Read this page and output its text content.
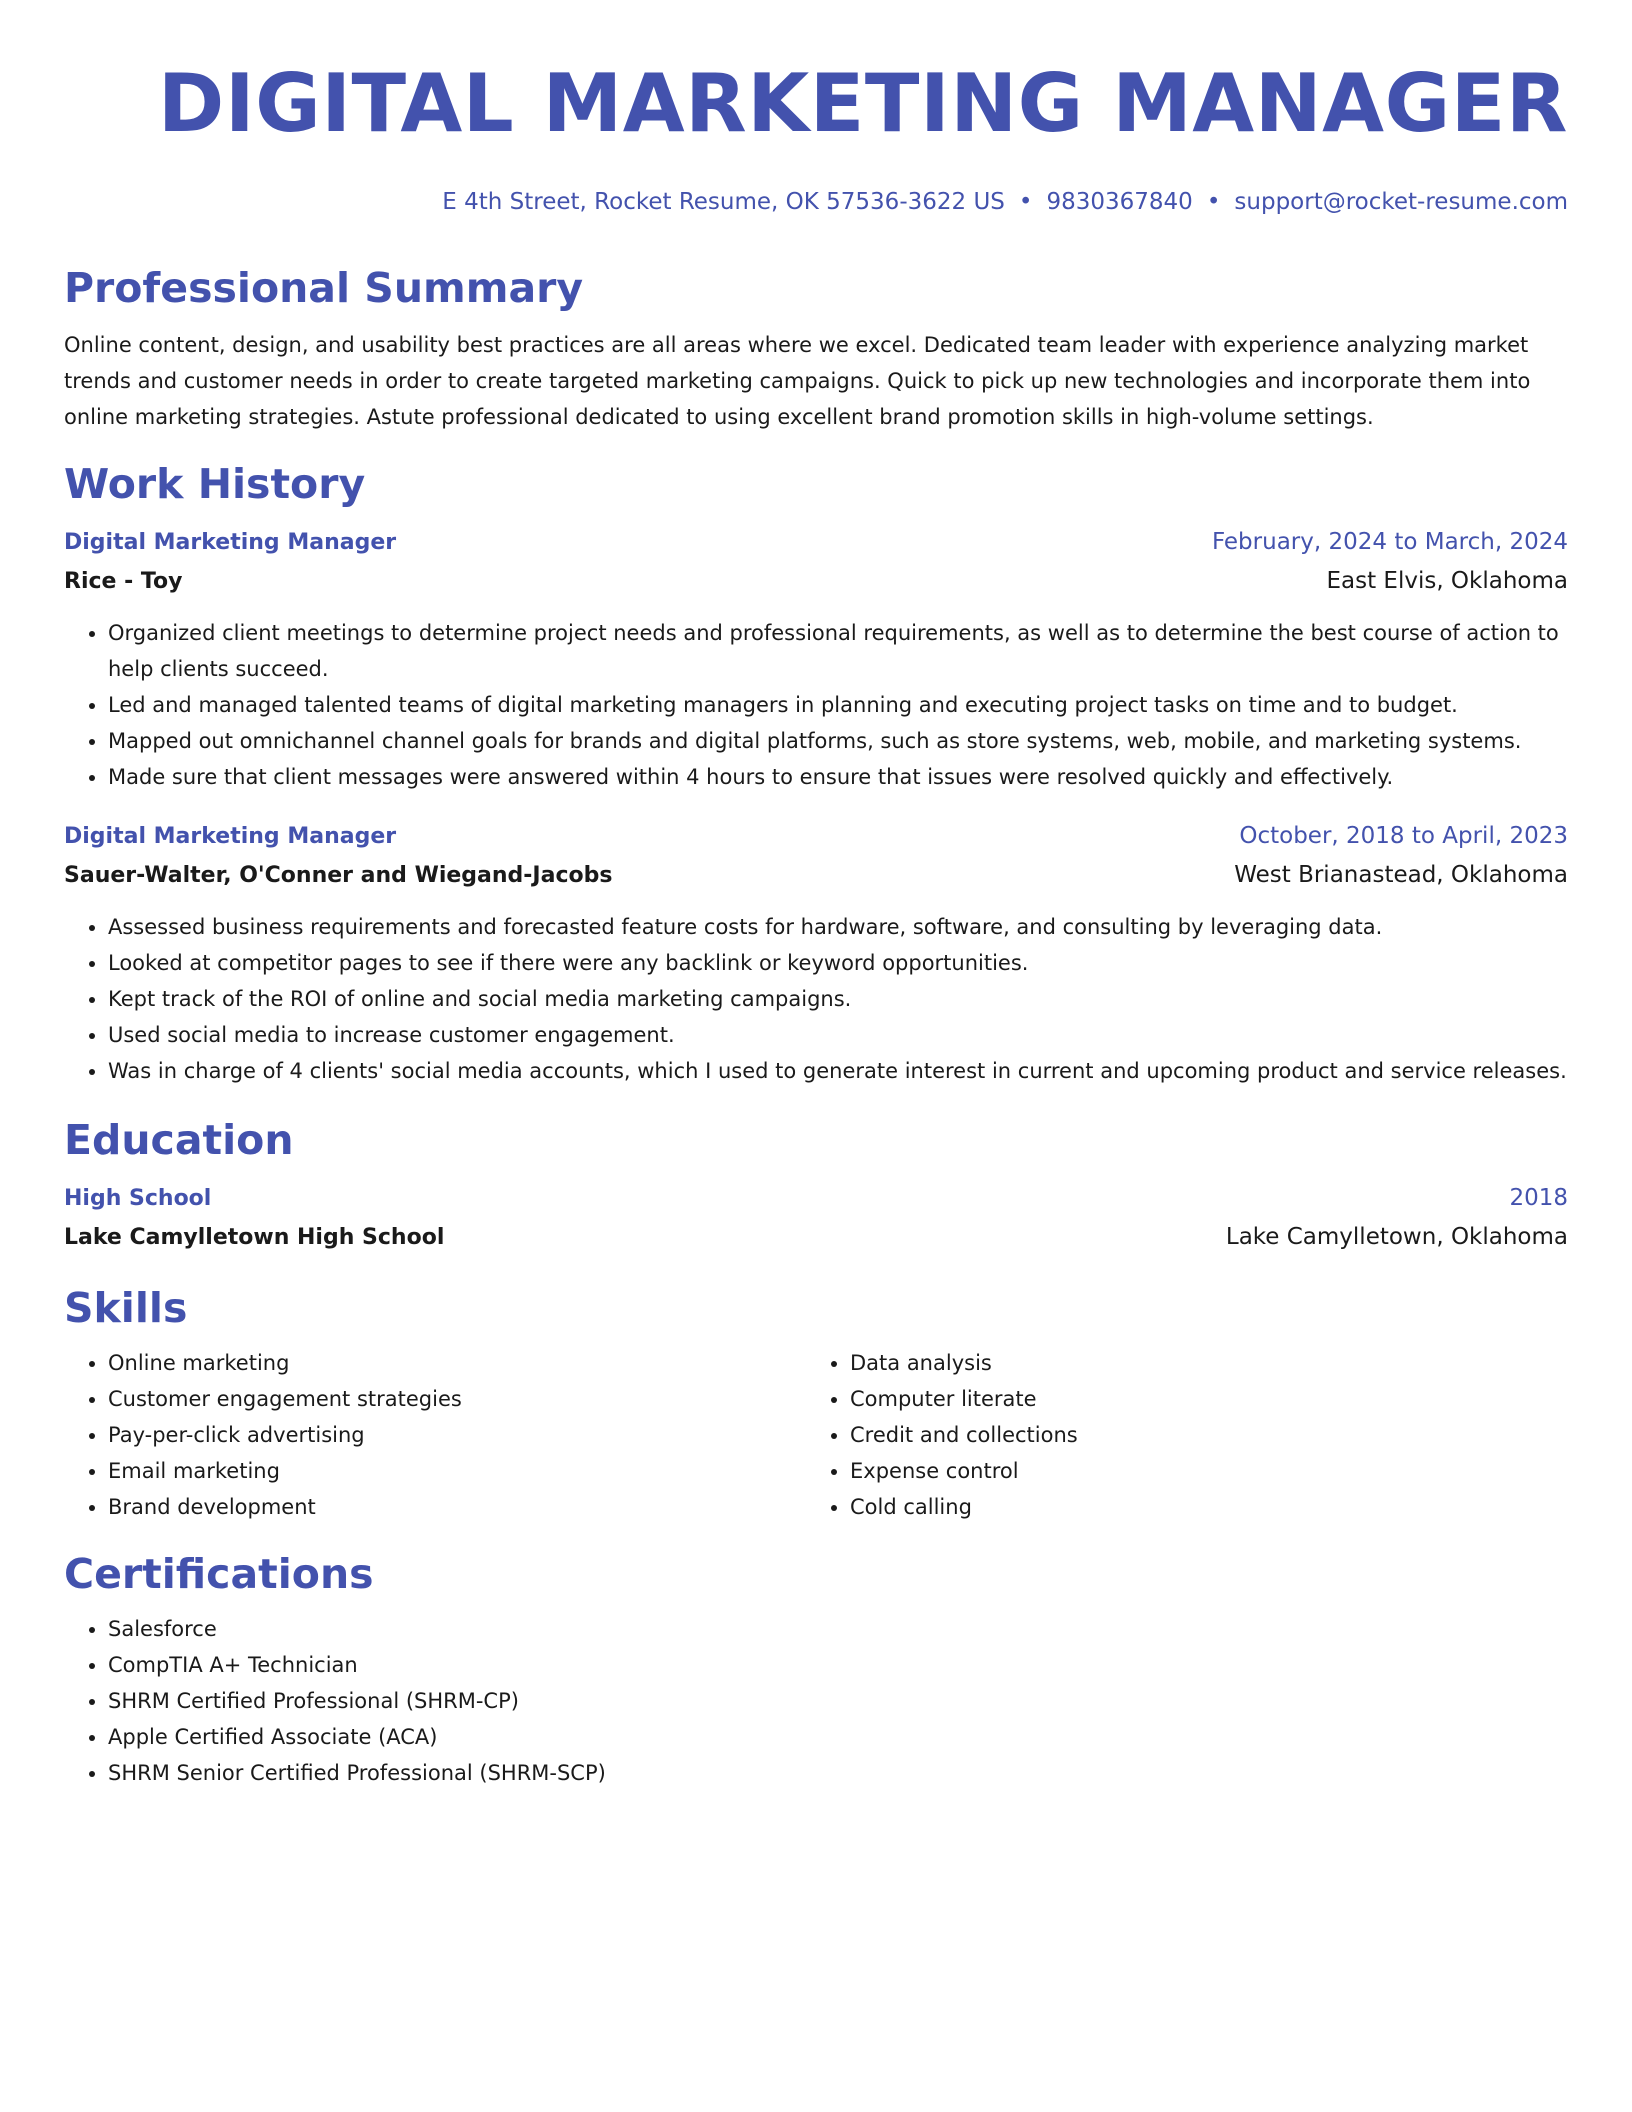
DIGITAL MARKETING MANAGER
E 4th Street, Rocket Resume, OK 57536-3622 US • 9830367840 • support@rocket-resume.com
Professional Summary

Online content, design, and usability best practices are all areas where we excel. Dedicated team leader with experience analyzing market trends and customer needs in order to create targeted marketing campaigns. Quick to pick up new technologies and incorporate them into online marketing strategies. Astute professional dedicated to using excellent brand promotion skills in high-volume settings.

Work History
Digital Marketing Manager	February, 2024 to March, 2024
Rice - Toy	East Elvis, Oklahoma
• Organized client meetings to determine project needs and professional requirements, as well as to determine the best course of action to help clients succeed.
• Led and managed talented teams of digital marketing managers in planning and executing project tasks on time and to budget.
• Mapped out omnichannel channel goals for brands and digital platforms, such as store systems, web, mobile, and marketing systems.
• Made sure that client messages were answered within 4 hours to ensure that issues were resolved quickly and effectively.
Digital Marketing Manager	October, 2018 to April, 2023
Sauer-Walter, O'Conner and Wiegand-Jacobs	West Brianastead, Oklahoma
• Assessed business requirements and forecasted feature costs for hardware, software, and consulting by leveraging data.
• Looked at competitor pages to see if there were any backlink or keyword opportunities.
• Kept track of the ROI of online and social media marketing campaigns.
• Used social media to increase customer engagement.
• Was in charge of 4 clients' social media accounts, which I used to generate interest in current and upcoming product and service releases.
Education
High School	2018
Lake Camylletown High School	Lake Camylletown, Oklahoma
Skills
• Online marketing
• Customer engagement strategies
• Pay-per-click advertising
• Email marketing
• Brand development
• Data analysis
• Computer literate
• Credit and collections
• Expense control
• Cold calling
Certifications
• Salesforce
• CompTIA A+ Technician
• SHRM Certified Professional (SHRM-CP)
• Apple Certified Associate (ACA)
• SHRM Senior Certified Professional (SHRM-SCP)
